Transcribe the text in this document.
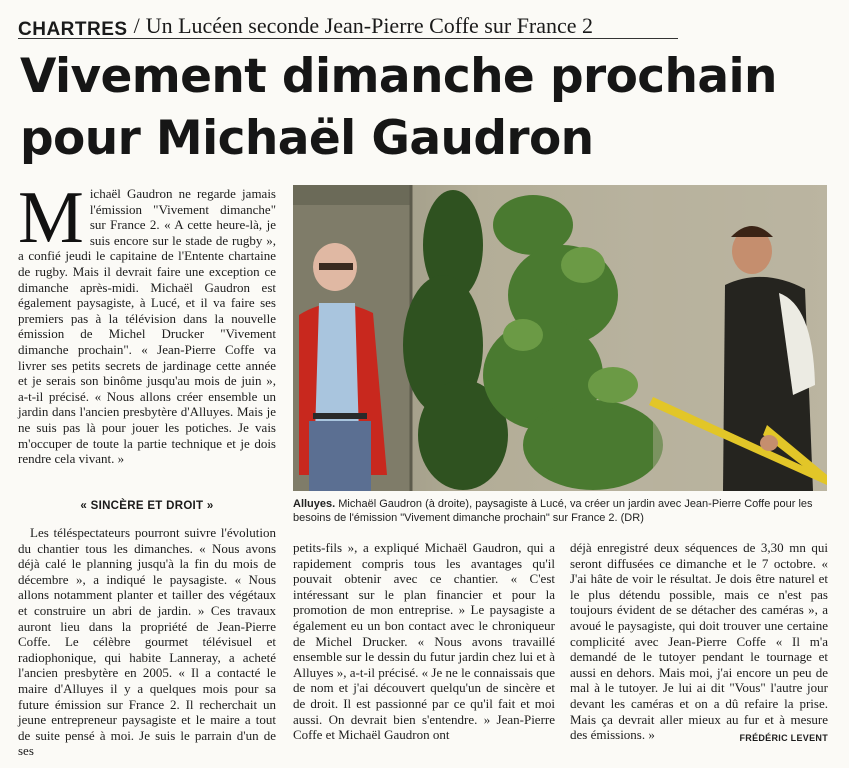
CHARTRES / Un Lucéen seconde Jean-Pierre Coffe sur France 2
Vivement dimanche prochain
pour Michaël Gaudron
Michaël Gaudron ne regarde jamais l'émission "Vivement dimanche" sur France 2. « A cette heure-là, je suis encore sur le stade de rugby », a confié jeudi le capitaine de l'Entente chartaine de rugby. Mais il devrait faire une exception ce dimanche après-midi. Michaël Gaudron est également paysagiste, à Lucé, et il va faire ses premiers pas à la télévision dans la nouvelle émission de Michel Drucker "Vivement dimanche prochain". « Jean-Pierre Coffe va livrer ses petits secrets de jardinage cette année et je serais son binôme jusqu'au mois de juin », a-t-il précisé. « Nous allons créer ensemble un jardin dans l'ancien presbytère d'Alluyes. Mais je ne suis pas là pour jouer les potiches. Je vais m'occuper de toute la partie technique et je dois rendre cela vivant. »
« SINCÈRE ET DROIT »
Les téléspectateurs pourront suivre l'évolution du chantier tous les dimanches. « Nous avons déjà calé le planning jusqu'à la fin du mois de décembre », a indiqué le paysagiste. « Nous allons notamment planter et tailler des végétaux et construire un abri de jardin. » Ces travaux auront lieu dans la propriété de Jean-Pierre Coffe. Le célèbre gourmet télévisuel et radiophonique, qui habite Lanneray, a acheté l'ancien presbytère en 2005. « Il a contacté le maire d'Alluyes il y a quelques mois pour sa future émission sur France 2. Il recherchait un jeune entrepreneur paysagiste et le maire a tout de suite pensé à moi. Je suis le parrain d'un de ses
petits-fils », a expliqué Michaël Gaudron, qui a rapidement compris tous les avantages qu'il pouvait obtenir avec ce chantier. « C'est intéressant sur le plan financier et pour la promotion de mon entreprise. » Le paysagiste a également eu un bon contact avec le chroniqueur de Michel Drucker. « Nous avons travaillé ensemble sur le dessin du futur jardin chez lui et à Alluyes », a-t-il précisé. « Je ne le connaissais que de nom et j'ai découvert quelqu'un de sincère et de droit. Il est passionné par ce qu'il fait et moi aussi. On devrait bien s'entendre. » Jean-Pierre Coffe et Michaël Gaudron ont
déjà enregistré deux séquences de 3,30 mn qui seront diffusées ce dimanche et le 7 octobre. « J'ai hâte de voir le résultat. Je dois être naturel et le plus détendu possible, mais ce n'est pas toujours évident de se détacher des caméras », a avoué le paysagiste, qui doit trouver une certaine complicité avec Jean-Pierre Coffe « Il m'a demandé de le tutoyer pendant le tournage et aussi en dehors. Mais moi, j'ai encore un peu de mal à le tutoyer. Je lui ai dit "Vous" l'autre jour devant les caméras et on a dû refaire la prise. Mais ça devrait aller mieux au fur et à mesure des émissions. »	FRÉDÉRIC LEVENT
Alluyes. Michaël Gaudron (à droite), paysagiste à Lucé, va créer un jardin avec Jean-Pierre Coffe pour les besoins de l'émission "Vivement dimanche prochain" sur France 2. (DR)
